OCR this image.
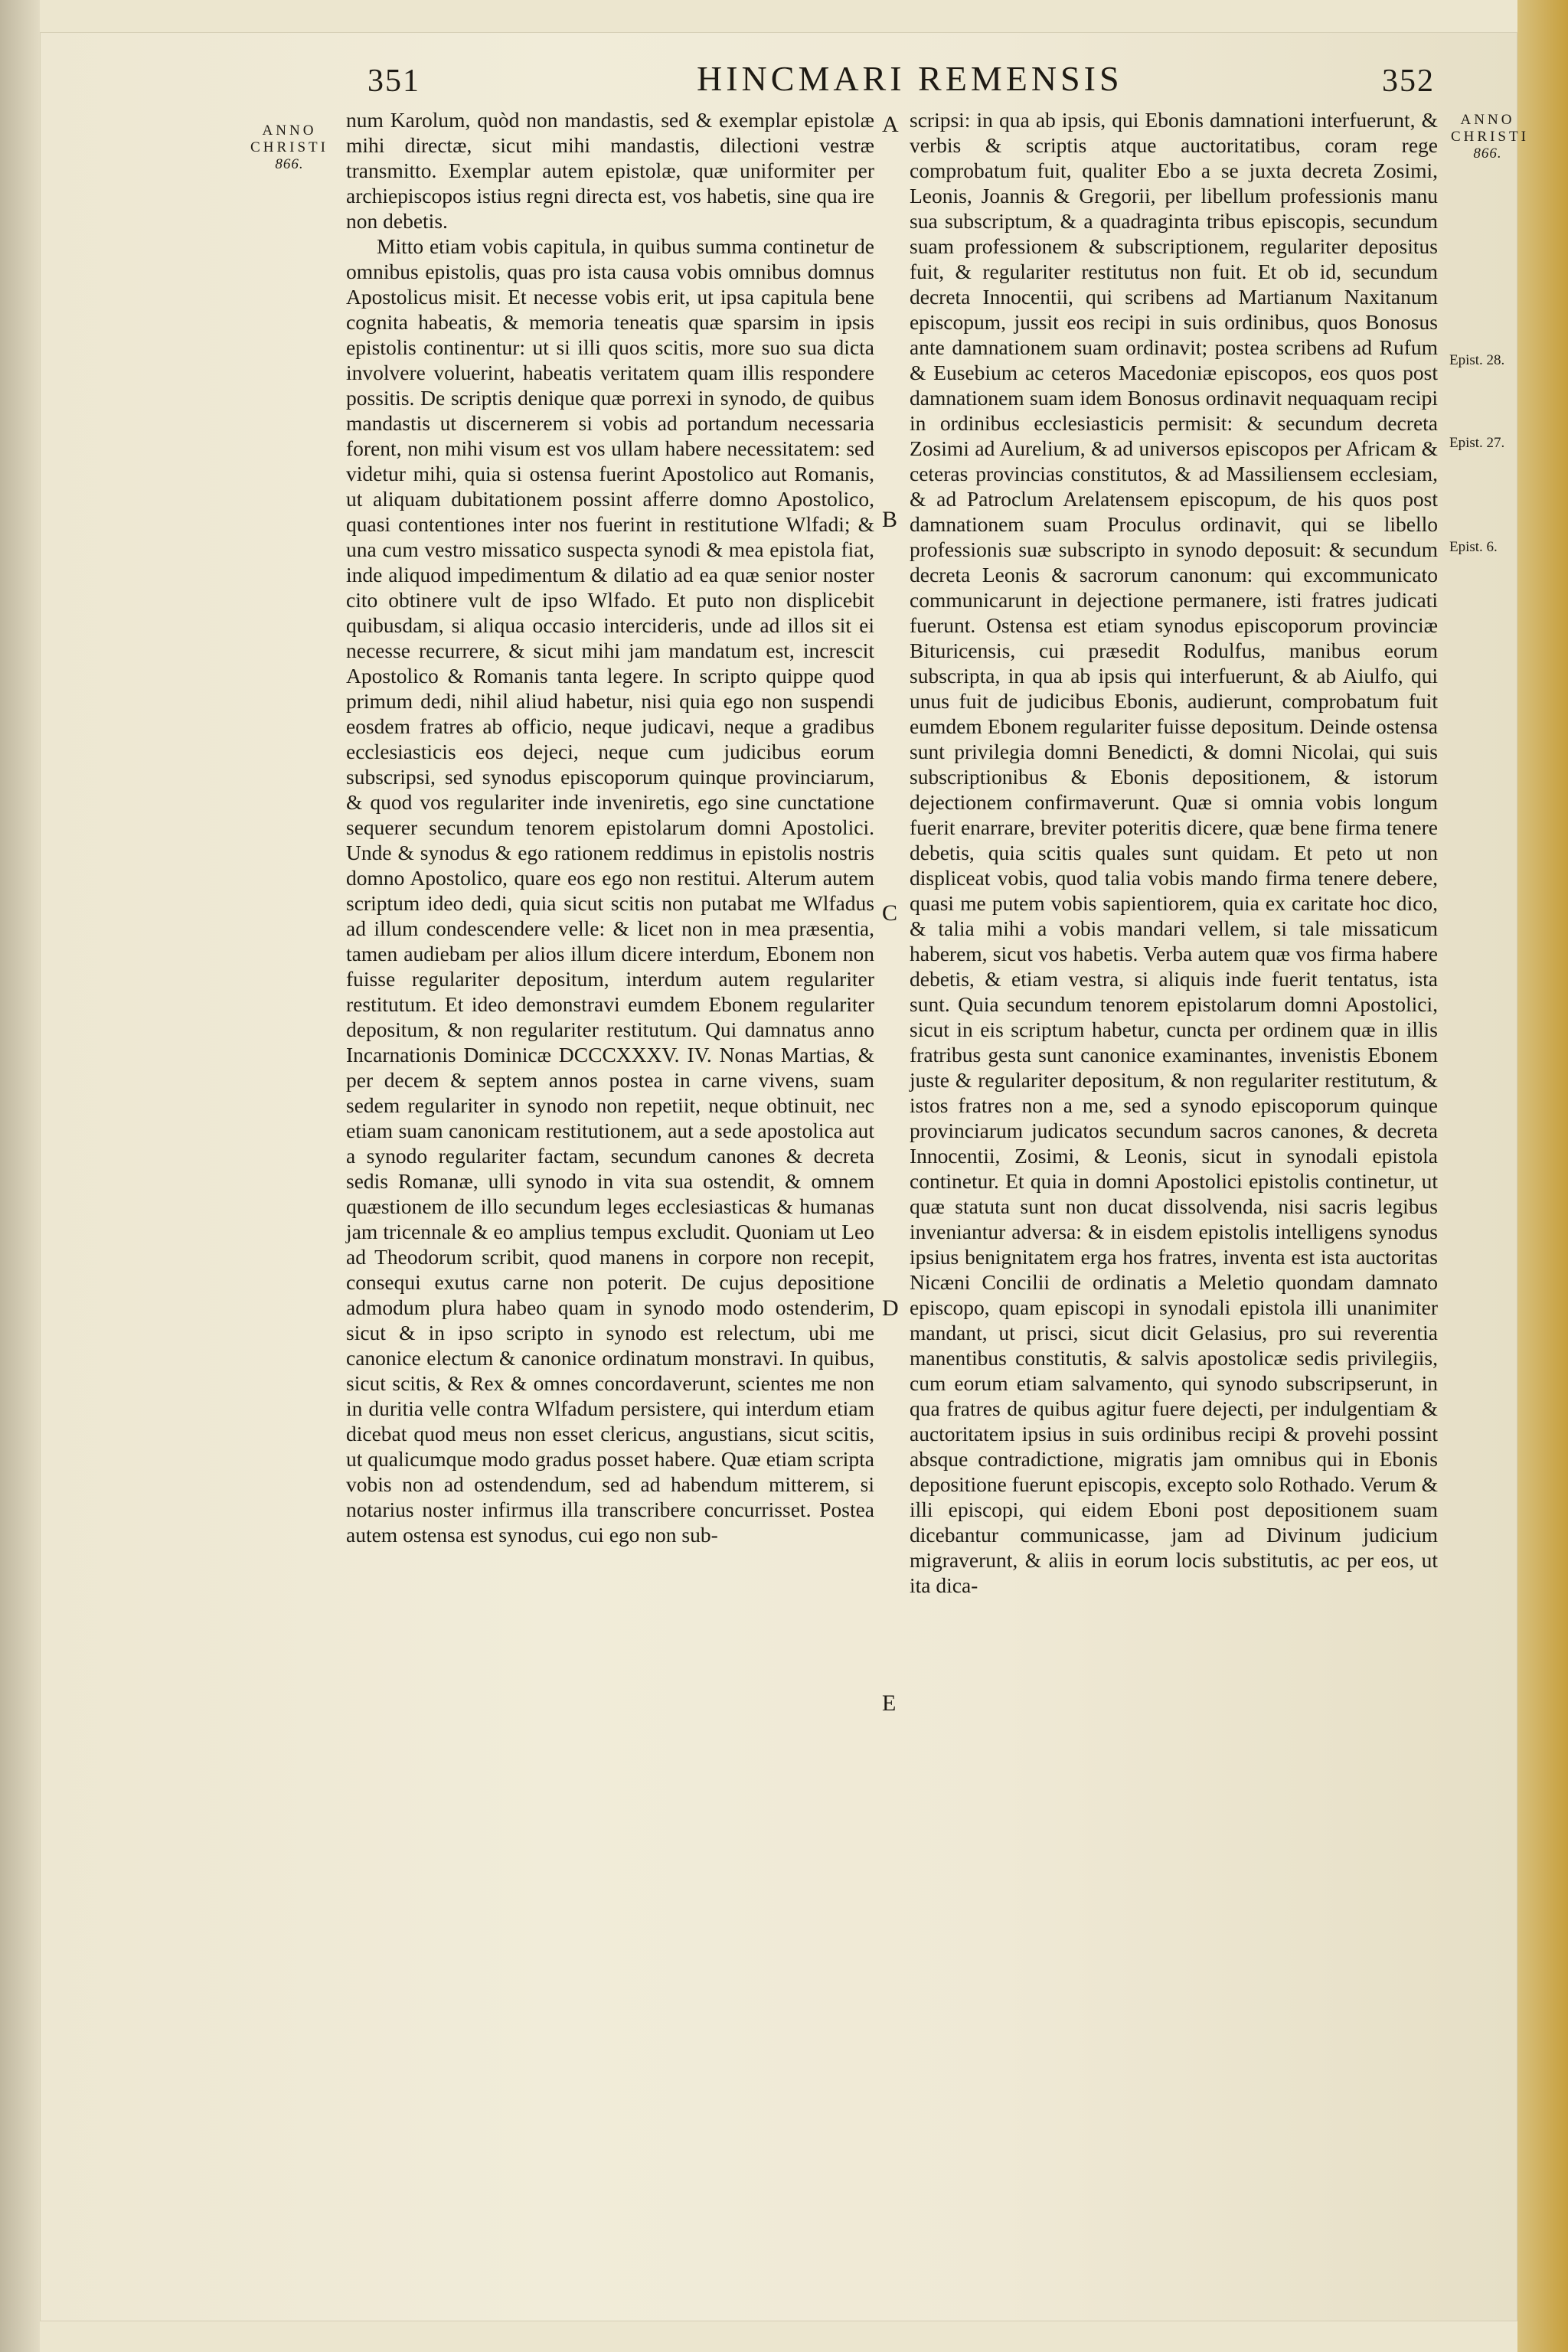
351	HINCMARI REMENSIS	352
ANNO
CHRISTI
866.
ANNO
CHRISTI
866.
Epist. 28.
Epist. 27.
Epist. 6.
A
B
C
D
E

num Karolum, quòd non mandastis, sed & exemplar epistolæ mihi directæ, sicut mihi mandastis, dilectioni vestræ transmitto. Exemplar autem epistolæ, quæ uniformiter per archiepiscopos istius regni directa est, vos habetis, sine qua ire non debetis.

Mitto etiam vobis capitula, in quibus summa continetur de omnibus epistolis, quas pro ista causa vobis omnibus domnus Apostolicus misit. Et necesse vobis erit, ut ipsa capitula bene cognita habeatis, & memoria teneatis quæ sparsim in ipsis epistolis continentur: ut si illi quos scitis, more suo sua dicta involvere voluerint, habeatis veritatem quam illis respondere possitis. De scriptis denique quæ porrexi in synodo, de quibus mandastis ut discernerem si vobis ad portandum necessaria forent, non mihi visum est vos ullam habere necessitatem: sed videtur mihi, quia si ostensa fuerint Apostolico aut Romanis, ut aliquam dubitationem possint afferre domno Apostolico, quasi contentiones inter nos fuerint in restitutione Wlfadi; & una cum vestro missatico suspecta synodi & mea epistola fiat, inde aliquod impedimentum & dilatio ad ea quæ senior noster cito obtinere vult de ipso Wlfado. Et puto non displicebit quibusdam, si aliqua occasio intercideris, unde ad illos sit ei necesse recurrere, & sicut mihi jam mandatum est, increscit Apostolico & Romanis tanta legere. In scripto quippe quod primum dedi, nihil aliud habetur, nisi quia ego non suspendi eosdem fratres ab officio, neque judicavi, neque a gradibus ecclesiasticis eos dejeci, neque cum judicibus eorum subscripsi, sed synodus episcoporum quinque provinciarum, & quod vos regulariter inde inveniretis, ego sine cunctatione sequerer secundum tenorem epistolarum domni Apostolici. Unde & synodus & ego rationem reddimus in epistolis nostris domno Apostolico, quare eos ego non restitui. Alterum autem scriptum ideo dedi, quia sicut scitis non putabat me Wlfadus ad illum condescendere velle: & licet non in mea præsentia, tamen audiebam per alios illum dicere interdum, Ebonem non fuisse regulariter depositum, interdum autem regulariter restitutum. Et ideo demonstravi eumdem Ebonem regulariter depositum, & non regulariter restitutum. Qui damnatus anno Incarnationis Dominicæ DCCCXXXV. IV. Nonas Martias, & per decem & septem annos postea in carne vivens, suam sedem regulariter in synodo non repetiit, neque obtinuit, nec etiam suam canonicam restitutionem, aut a sede apostolica aut a synodo regulariter factam, secundum canones & decreta sedis Romanæ, ulli synodo in vita sua ostendit, & omnem quæstionem de illo secundum leges ecclesiasticas & humanas jam tricennale & eo amplius tempus excludit. Quoniam ut Leo ad Theodorum scribit, quod manens in corpore non recepit, consequi exutus carne non poterit. De cujus depositione admodum plura habeo quam in synodo modo ostenderim, sicut & in ipso scripto in synodo est relectum, ubi me canonice electum & canonice ordinatum monstravi. In quibus, sicut scitis, & Rex & omnes concordaverunt, scientes me non in duritia velle contra Wlfadum persistere, qui interdum etiam dicebat quod meus non esset clericus, angustians, sicut scitis, ut qualicumque modo gradus posset habere. Quæ etiam scripta vobis non ad ostendendum, sed ad habendum mitterem, si notarius noster infirmus illa transcribere concurrisset. Postea autem ostensa est synodus, cui ego non sub-

scripsi: in qua ab ipsis, qui Ebonis damnationi interfuerunt, & verbis & scriptis atque auctoritatibus, coram rege comprobatum fuit, qualiter Ebo a se juxta decreta Zosimi, Leonis, Joannis & Gregorii, per libellum professionis manu sua subscriptum, & a quadraginta tribus episcopis, secundum suam professionem & subscriptionem, regulariter depositus fuit, & regulariter restitutus non fuit. Et ob id, secundum decreta Innocentii, qui scribens ad Martianum Naxitanum episcopum, jussit eos recipi in suis ordinibus, quos Bonosus ante damnationem suam ordinavit; postea scribens ad Rufum & Eusebium ac ceteros Macedoniæ episcopos, eos quos post damnationem suam idem Bonosus ordinavit nequaquam recipi in ordinibus ecclesiasticis permisit: & secundum decreta Zosimi ad Aurelium, & ad universos episcopos per Africam & ceteras provincias constitutos, & ad Massiliensem ecclesiam, & ad Patroclum Arelatensem episcopum, de his quos post damnationem suam Proculus ordinavit, qui se libello professionis suæ subscripto in synodo deposuit: & secundum decreta Leonis & sacrorum canonum: qui excommunicato communicarunt in dejectione permanere, isti fratres judicati fuerunt. Ostensa est etiam synodus episcoporum provinciæ Bituricensis, cui præsedit Rodulfus, manibus eorum subscripta, in qua ab ipsis qui interfuerunt, & ab Aiulfo, qui unus fuit de judicibus Ebonis, audierunt, comprobatum fuit eumdem Ebonem regulariter fuisse depositum. Deinde ostensa sunt privilegia domni Benedicti, & domni Nicolai, qui suis subscriptionibus & Ebonis depositionem, & istorum dejectionem confirmaverunt. Quæ si omnia vobis longum fuerit enarrare, breviter poteritis dicere, quæ bene firma tenere debetis, quia scitis quales sunt quidam. Et peto ut non displiceat vobis, quod talia vobis mando firma tenere debere, quasi me putem vobis sapientiorem, quia ex caritate hoc dico, & talia mihi a vobis mandari vellem, si tale missaticum haberem, sicut vos habetis. Verba autem quæ vos firma habere debetis, & etiam vestra, si aliquis inde fuerit tentatus, ista sunt. Quia secundum tenorem epistolarum domni Apostolici, sicut in eis scriptum habetur, cuncta per ordinem quæ in illis fratribus gesta sunt canonice examinantes, invenistis Ebonem juste & regulariter depositum, & non regulariter restitutum, & istos fratres non a me, sed a synodo episcoporum quinque provinciarum judicatos secundum sacros canones, & decreta Innocentii, Zosimi, & Leonis, sicut in synodali epistola continetur. Et quia in domni Apostolici epistolis continetur, ut quæ statuta sunt non ducat dissolvenda, nisi sacris legibus inveniantur adversa: & in eisdem epistolis intelligens synodus ipsius benignitatem erga hos fratres, inventa est ista auctoritas Nicæni Concilii de ordinatis a Meletio quondam damnato episcopo, quam episcopi in synodali epistola illi unanimiter mandant, ut prisci, sicut dicit Gelasius, pro sui reverentia manentibus constitutis, & salvis apostolicæ sedis privilegiis, cum eorum etiam salvamento, qui synodo subscripserunt, in qua fratres de quibus agitur fuere dejecti, per indulgentiam & auctoritatem ipsius in suis ordinibus recipi & provehi possint absque contradictione, migratis jam omnibus qui in Ebonis depositione fuerunt episcopis, excepto solo Rothado. Verum & illi episcopi, qui eidem Eboni post depositionem suam dicebantur communicasse, jam ad Divinum judicium migraverunt, & aliis in eorum locis substitutis, ac per eos, ut ita dica-
